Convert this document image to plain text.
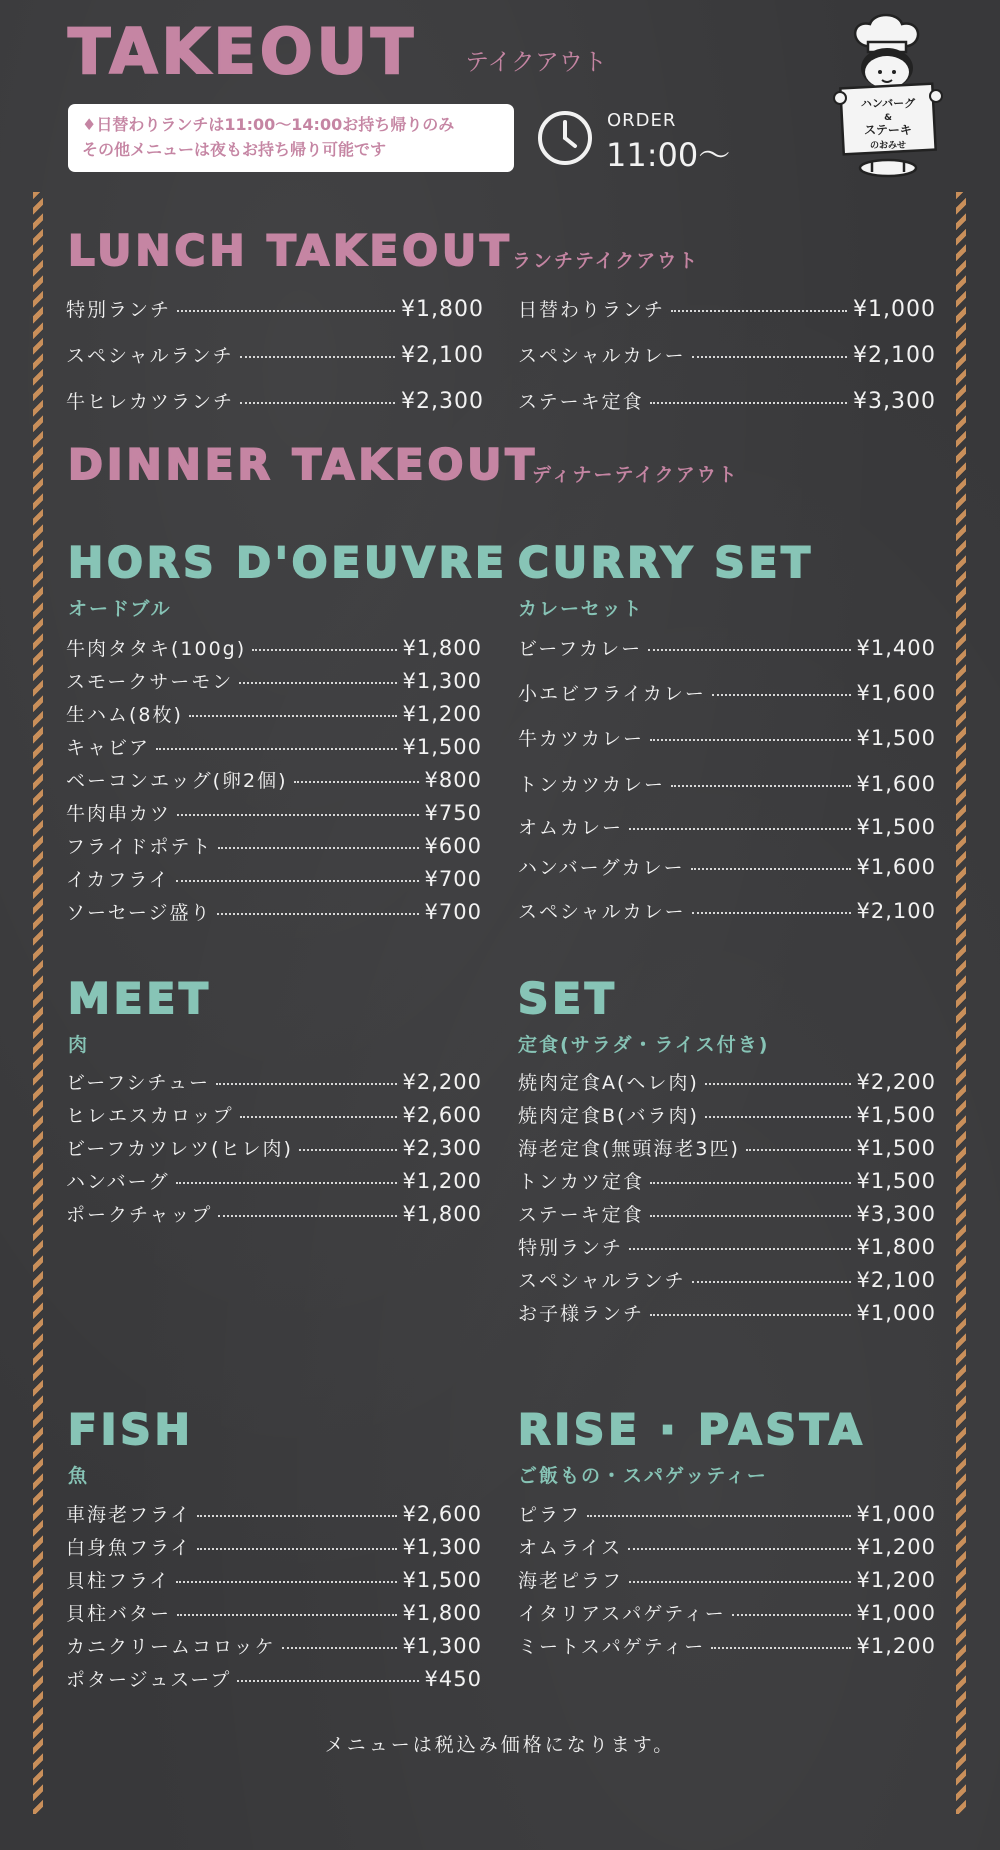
TAKEOUT テイクアウト
♦日替わりランチは11:00〜14:00お持ち帰りのみ
その他メニューは夜もお持ち帰り可能です
ORDER
11:00〜
ハンバーグ
&
ステーキ
のおみせ
LUNCH TAKEOUT ランチテイクアウト
特別ランチ	¥1,800
スペシャルランチ	¥2,100
牛ヒレカツランチ	¥2,300
日替わりランチ	¥1,000
スペシャルカレー	¥2,100
ステーキ定食	¥3,300
DINNER TAKEOUT
ディナーテイクアウト
HORS D'OEUVRE
オードブル
牛肉タタキ(100g)	¥1,800
スモークサーモン	¥1,300
生ハム(8枚)	¥1,200
キャビア	¥1,500
ベーコンエッグ(卵2個)	¥800
牛肉串カツ	¥750
フライドポテト	¥600
イカフライ	¥700
ソーセージ盛り	¥700
CURRY SET
カレーセット
ビーフカレー	¥1,400
小エビフライカレー	¥1,600
牛カツカレー	¥1,500
トンカツカレー	¥1,600
オムカレー	¥1,500
ハンバーグカレー	¥1,600
スペシャルカレー	¥2,100
MEET
肉
ビーフシチュー	¥2,200
ヒレエスカロップ	¥2,600
ビーフカツレツ(ヒレ肉)	¥2,300
ハンバーグ	¥1,200
ポークチャップ	¥1,800
SET
定食(サラダ・ライス付き)
焼肉定食A(ヘレ肉)	¥2,200
焼肉定食B(バラ肉)	¥1,500
海老定食(無頭海老3匹)	¥1,500
トンカツ定食	¥1,500
ステーキ定食	¥3,300
特別ランチ	¥1,800
スペシャルランチ	¥2,100
お子様ランチ	¥1,000
FISH
魚
車海老フライ	¥2,600
白身魚フライ	¥1,300
貝柱フライ	¥1,500
貝柱バター	¥1,800
カニクリームコロッケ	¥1,300
ポタージュスープ	¥450
RISE · PASTA
ご飯もの・スパゲッティー
ピラフ	¥1,000
オムライス	¥1,200
海老ピラフ	¥1,200
イタリアスパゲティー	¥1,000
ミートスパゲティー	¥1,200
メニューは税込み価格になります。
